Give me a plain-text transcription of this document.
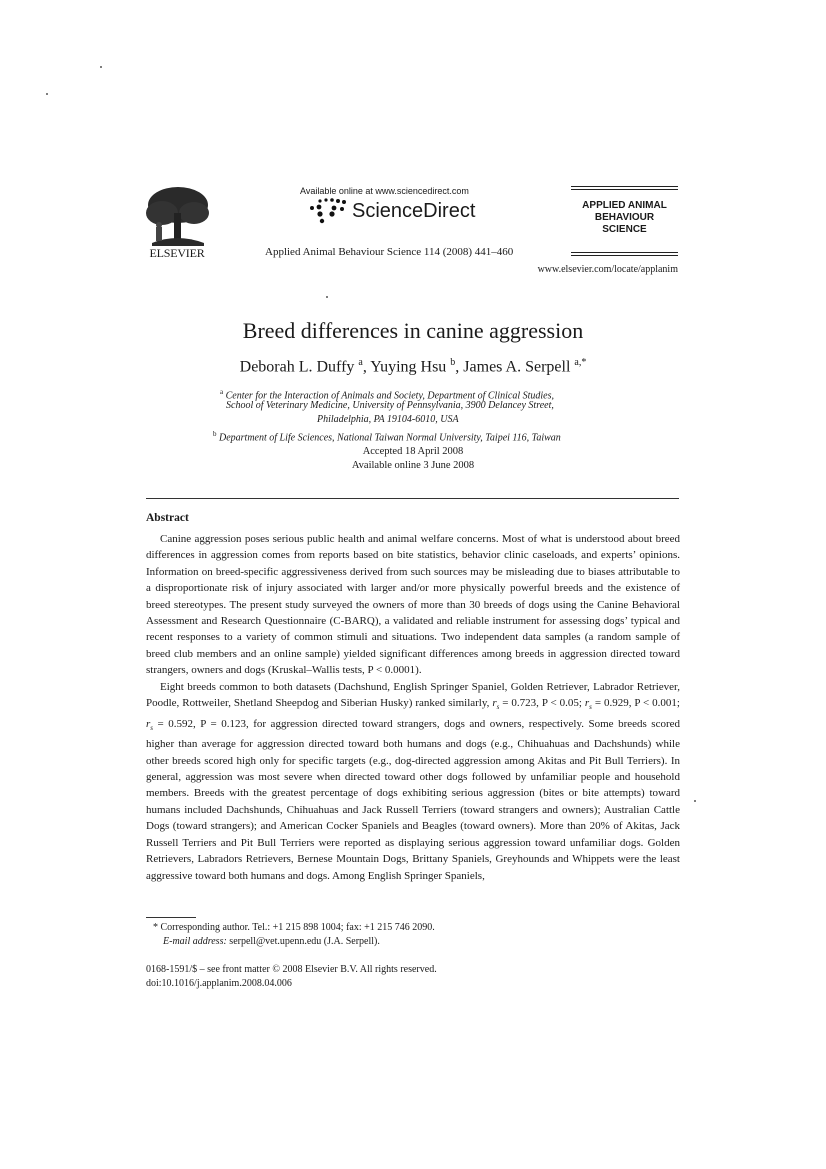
ELSEVIER
Available online at www.sciencedirect.com
ScienceDirect
Applied Animal Behaviour Science 114 (2008) 441–460
APPLIED ANIMAL
BEHAVIOUR
SCIENCE
www.elsevier.com/locate/applanim
Breed differences in canine aggression
Deborah L. Duffy $^a$, Yuying Hsu $^b$, James A. Serpell $^{a,*}$
$^a$ Center for the Interaction of Animals and Society, Department of Clinical Studies,
School of Veterinary Medicine, University of Pennsylvania, 3900 Delancey Street,
Philadelphia, PA 19104-6010, USA
$^b$ Department of Life Sciences, National Taiwan Normal University, Taipei 116, Taiwan
Accepted 18 April 2008
Available online 3 June 2008
Abstract

Canine aggression poses serious public health and animal welfare concerns. Most of what is understood about breed differences in aggression comes from reports based on bite statistics, behavior clinic caseloads, and experts’ opinions. Information on breed-specific aggressiveness derived from such sources may be misleading due to biases attributable to a disproportionate risk of injury associated with larger and/or more physically powerful breeds and the existence of breed stereotypes. The present study surveyed the owners of more than 30 breeds of dogs using the Canine Behavioral Assessment and Research Questionnaire (C-BARQ), a validated and reliable instrument for assessing dogs’ typical and recent responses to a variety of common stimuli and situations. Two independent data samples (a random sample of breed club members and an online sample) yielded significant differences among breeds in aggression directed toward strangers, owners and dogs (Kruskal–Wallis tests, P < 0.0001).

Eight breeds common to both datasets (Dachshund, English Springer Spaniel, Golden Retriever, Labrador Retriever, Poodle, Rottweiler, Shetland Sheepdog and Siberian Husky) ranked similarly, $r_s = 0.723$, P < 0.05; $r_s = 0.929$, P < 0.001; $r_s = 0.592$, P = 0.123, for aggression directed toward strangers, dogs and owners, respectively. Some breeds scored higher than average for aggression directed toward both humans and dogs (e.g., Chihuahuas and Dachshunds) while other breeds scored high only for specific targets (e.g., dog-directed aggression among Akitas and Pit Bull Terriers). In general, aggression was most severe when directed toward other dogs followed by unfamiliar people and household members. Breeds with the greatest percentage of dogs exhibiting serious aggression (bites or bite attempts) toward humans included Dachshunds, Chihuahuas and Jack Russell Terriers (toward strangers and owners); Australian Cattle Dogs (toward strangers); and American Cocker Spaniels and Beagles (toward owners). More than 20% of Akitas, Jack Russell Terriers and Pit Bull Terriers were reported as displaying serious aggression toward unfamiliar dogs. Golden Retrievers, Labradors Retrievers, Bernese Mountain Dogs, Brittany Spaniels, Greyhounds and Whippets were the least aggressive toward both humans and dogs. Among English Springer Spaniels,

* Corresponding author. Tel.: +1 215 898 1004; fax: +1 215 746 2090.
E-mail address: serpell@vet.upenn.edu (J.A. Serpell).
0168-1591/$ – see front matter © 2008 Elsevier B.V. All rights reserved.
doi:10.1016/j.applanim.2008.04.006
